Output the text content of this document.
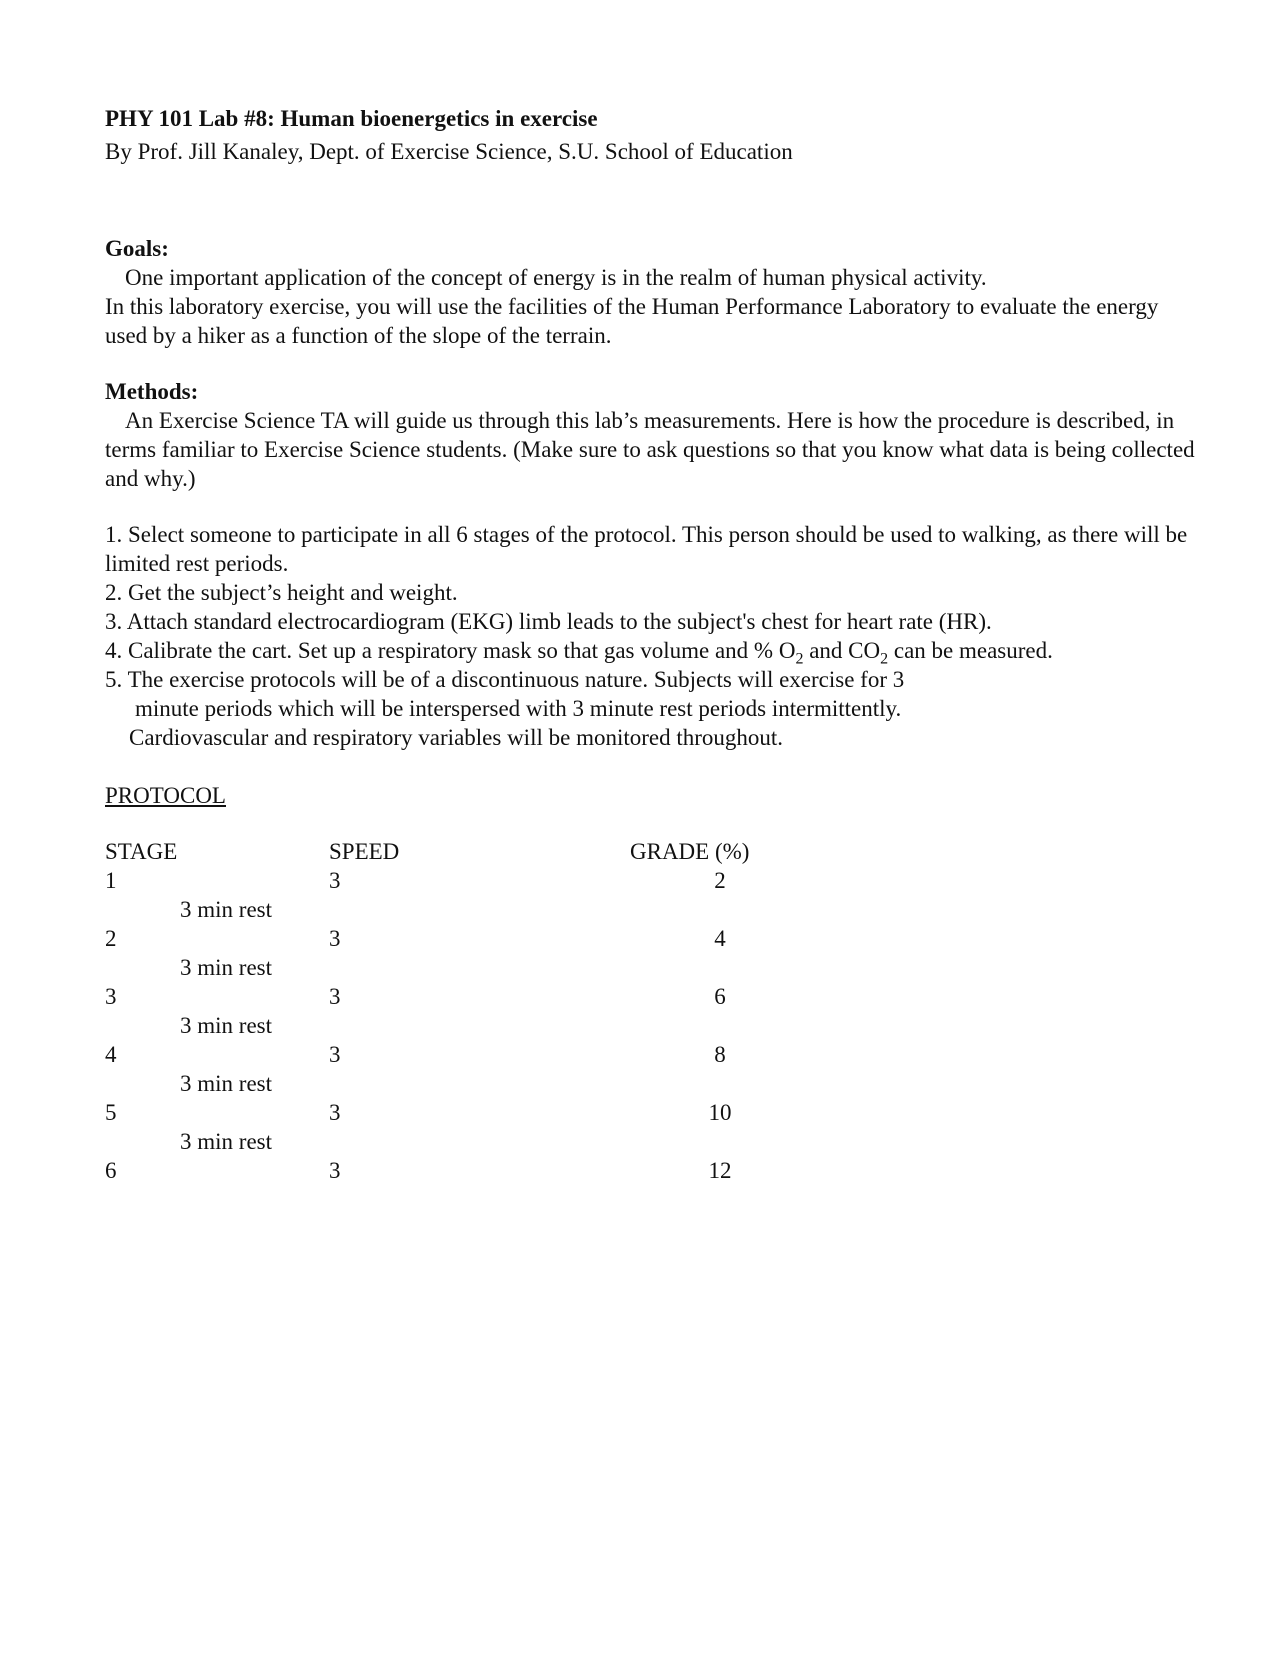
PHY 101 Lab #8: Human bioenergetics in exercise

By Prof. Jill Kanaley, Dept. of Exercise Science, S.U. School of Education

Goals:

One important application of the concept of energy is in the realm of human physical activity.

In this laboratory exercise, you will use the facilities of the Human Performance Laboratory to evaluate the energy used by a hiker as a function of the slope of the terrain.

Methods:

An Exercise Science TA will guide us through this lab’s measurements. Here is how the procedure is described, in terms familiar to Exercise Science students. (Make sure to ask questions so that you know what data is being collected and why.)

1. Select someone to participate in all 6 stages of the protocol. This person should be used to walking, as there will be limited rest periods.
2. Get the subject’s height and weight.
3. Attach standard electrocardiogram (EKG) limb leads to the subject's chest for heart rate (HR).
4. Calibrate the cart. Set up a respiratory mask so that gas volume and % $O_2$ and $CO_2$ can be measured.
5. The exercise protocols will be of a discontinuous nature. Subjects will exercise for 3
minute periods which will be interspersed with 3 minute rest periods intermittently.
Cardiovascular and respiratory variables will be monitored throughout.

PROTOCOL

STAGE	SPEED	GRADE (%)
1	3	2
3 min rest
2	3	4
3 min rest
3	3	6
3 min rest
4	3	8
3 min rest
5	3	10
3 min rest
6	3	12
